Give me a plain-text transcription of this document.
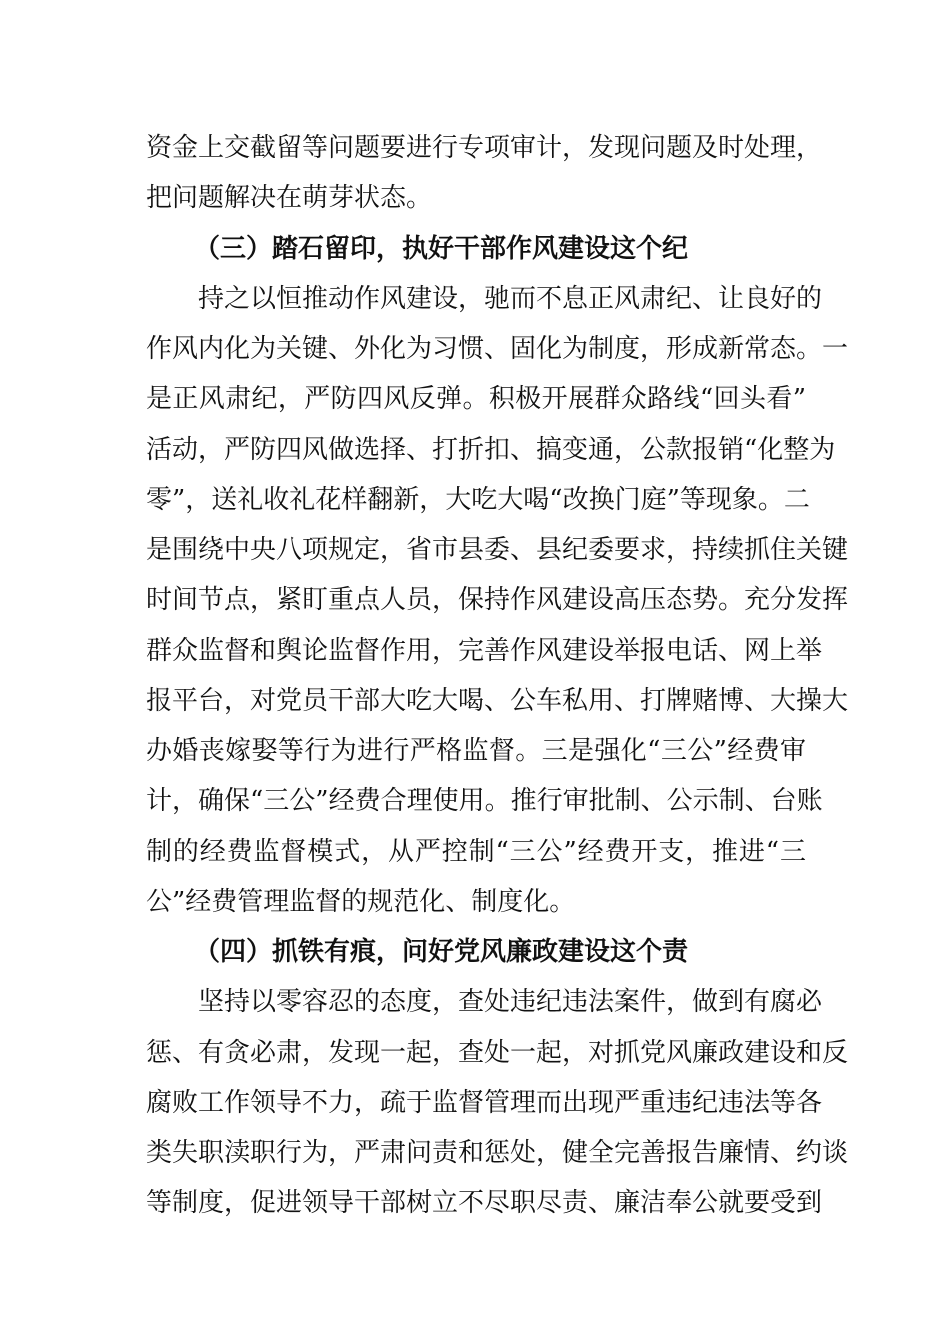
资金上交截留等问题要进行专项审计，发现问题及时处理，
把问题解决在萌芽状态。
（三）踏石留印，执好干部作风建设这个纪
持之以恒推动作风建设，驰而不息正风肃纪、让良好的
作风内化为关键、外化为习惯、固化为制度，形成新常态。一
是正风肃纪，严防四风反弹。积极开展群众路线“回头看”
活动，严防四风做选择、打折扣、搞变通，公款报销“化整为
零”，送礼收礼花样翻新，大吃大喝“改换门庭”等现象。二
是围绕中央八项规定，省市县委、县纪委要求，持续抓住关键
时间节点，紧盯重点人员，保持作风建设高压态势。充分发挥
群众监督和舆论监督作用，完善作风建设举报电话、网上举
报平台，对党员干部大吃大喝、公车私用、打牌赌博、大操大
办婚丧嫁娶等行为进行严格监督。三是强化“三公”经费审
计，确保“三公”经费合理使用。推行审批制、公示制、台账
制的经费监督模式，从严控制“三公”经费开支，推进“三
公”经费管理监督的规范化、制度化。
（四）抓铁有痕，问好党风廉政建设这个责
坚持以零容忍的态度，查处违纪违法案件，做到有腐必
惩、有贪必肃，发现一起，查处一起，对抓党风廉政建设和反
腐败工作领导不力，疏于监督管理而出现严重违纪违法等各
类失职渎职行为，严肃问责和惩处，健全完善报告廉情、约谈
等制度，促进领导干部树立不尽职尽责、廉洁奉公就要受到
